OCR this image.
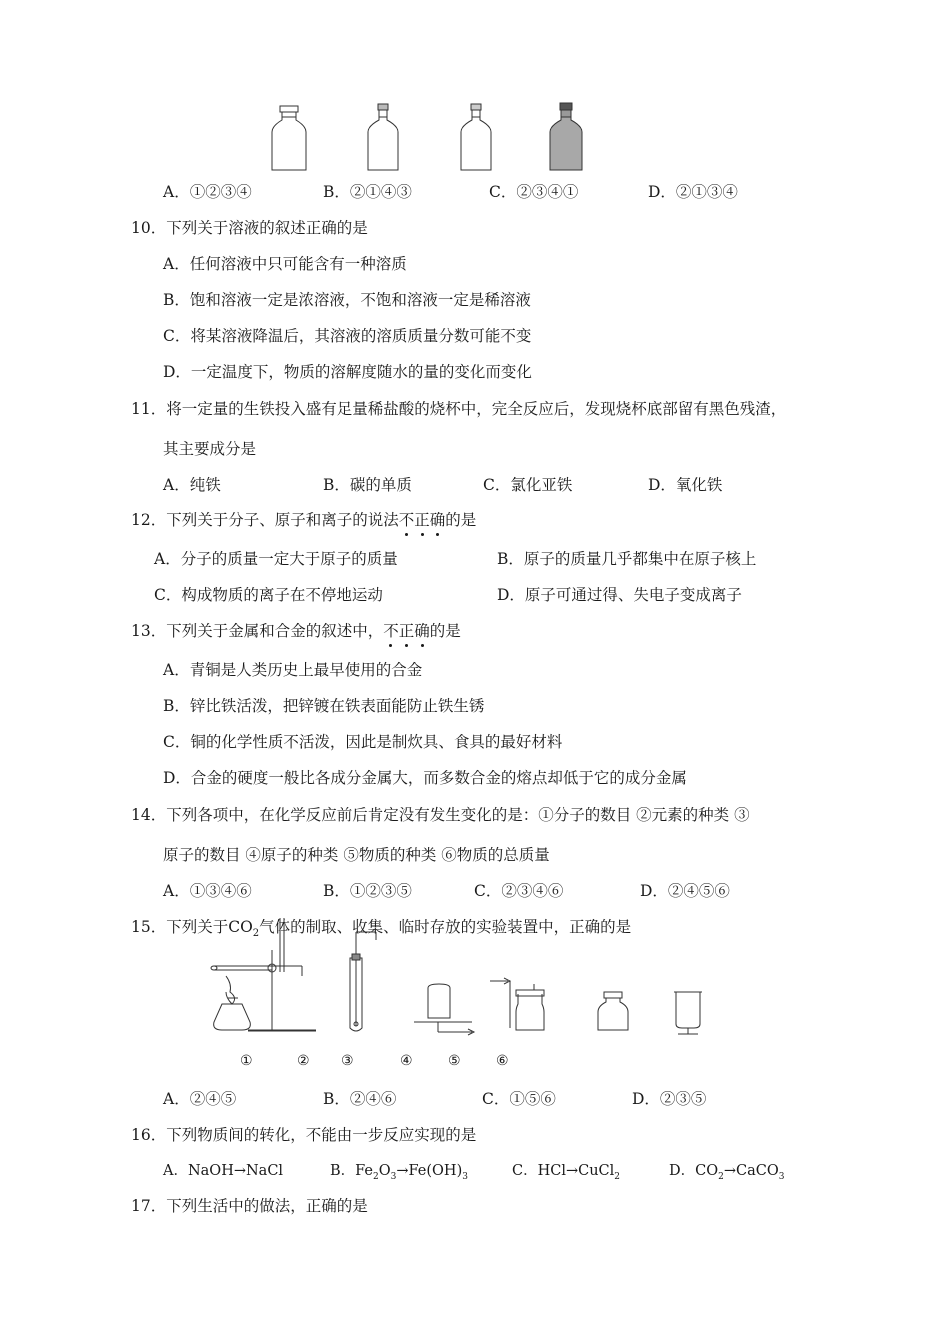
A．①②③④	B．②①④③	C．②③④①	D．②①③④
10．下列关于溶液的叙述正确的是
A．任何溶液中只可能含有一种溶质
B．饱和溶液一定是浓溶液，不饱和溶液一定是稀溶液
C．将某溶液降温后，其溶液的溶质质量分数可能不变
D．一定温度下，物质的溶解度随水的量的变化而变化
11．将一定量的生铁投入盛有足量稀盐酸的烧杯中，完全反应后，发现烧杯底部留有黑色残渣，
其主要成分是
A．纯铁	B．碳的单质	C．氯化亚铁	D．氧化铁
12．下列关于分子、原子和离子的说法不正确的是
A．分子的质量一定大于原子的质量	B．原子的质量几乎都集中在原子核上
C．构成物质的离子在不停地运动	D．原子可通过得、失电子变成离子
13．下列关于金属和合金的叙述中，不正确的是
A．青铜是人类历史上最早使用的合金
B．锌比铁活泼，把锌镀在铁表面能防止铁生锈
C．铜的化学性质不活泼，因此是制炊具、食具的最好材料
D．合金的硬度一般比各成分金属大，而多数合金的熔点却低于它的成分金属
14．下列各项中，在化学反应前后肯定没有发生变化的是：①分子的数目 ②元素的种类 ③
原子的数目 ④原子的种类 ⑤物质的种类 ⑥物质的总质量
A．①③④⑥	B．①②③⑤	C．②③④⑥	D．②④⑤⑥
15．下列关于$CO_2$气体的制取、收集、临时存放的实验装置中，正确的是
①	② ③	④	⑤	⑥
A．②④⑤	B．②④⑥	C．①⑤⑥	D．②③⑤
16．下列物质间的转化，不能由一步反应实现的是
A．NaOH→NaCl	B．$Fe_2O_3\to Fe(OH)_3$	C．HCl→CuCl$_2$	D．$CO_2\to CaCO_3$
17．下列生活中的做法，正确的是
